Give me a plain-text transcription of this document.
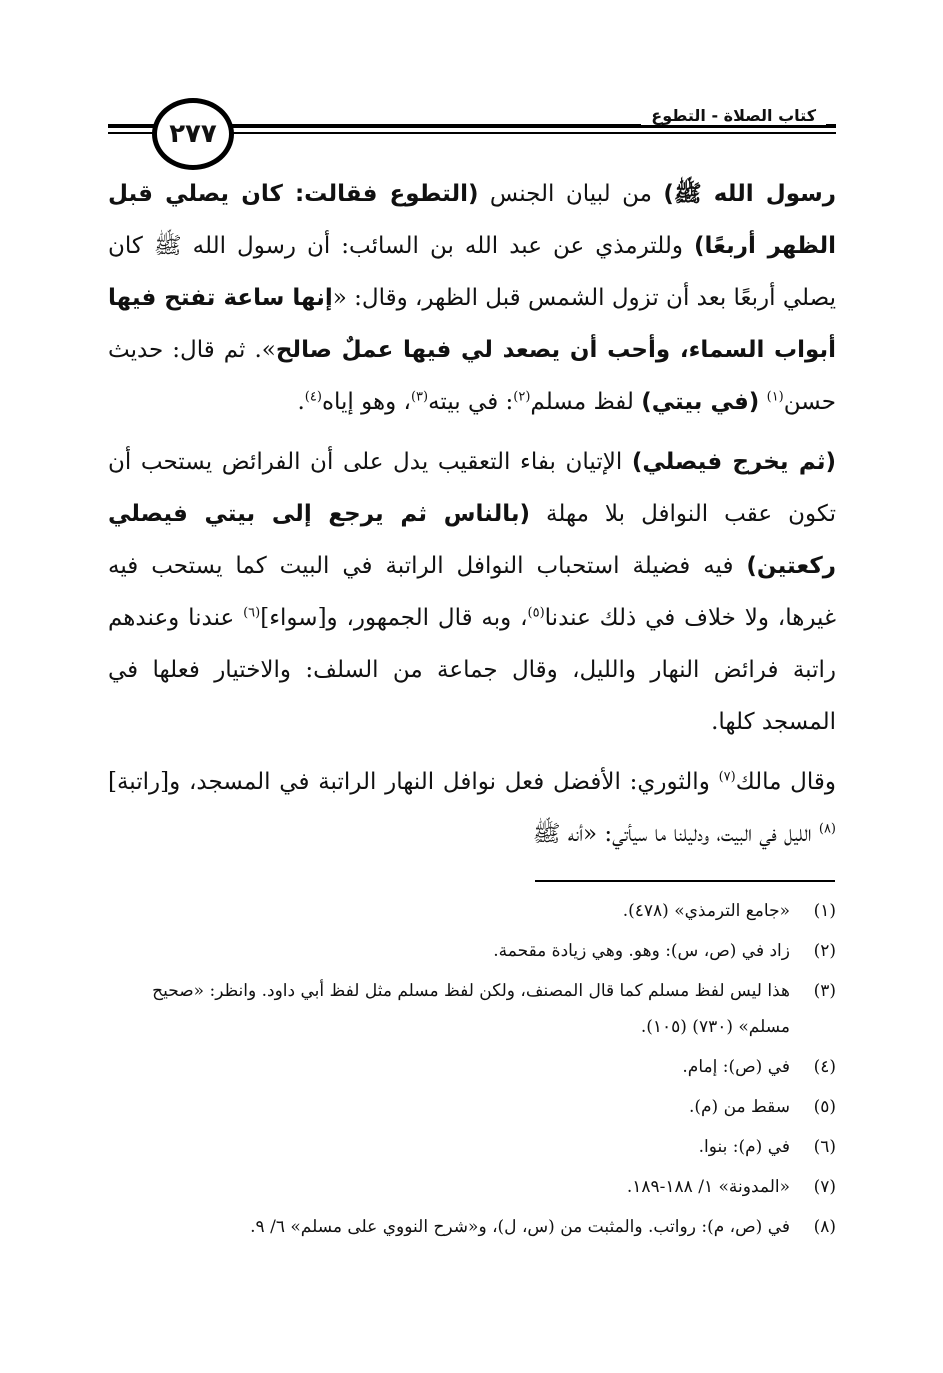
كتاب الصلاة - التطوع
٢٧٧

رسول الله ﷺ) من لبيان الجنس (التطوع فقالت: كان يصلي قبل الظهر أربعًا) وللترمذي عن عبد الله بن السائب: أن رسول الله ﷺ كان يصلي أربعًا بعد أن تزول الشمس قبل الظهر، وقال: «إنها ساعة تفتح فيها أبواب السماء، وأحب أن يصعد لي فيها عملٌ صالح». ثم قال: حديث حسن$^{(١)}$ (في بيتي) لفظ مسلم$^{(٢)}$: في بيته$^{(٣)}$، وهو إياه$^{(٤)}$.

(ثم يخرج فيصلي) الإتيان بفاء التعقيب يدل على أن الفرائض يستحب أن تكون عقب النوافل بلا مهلة (بالناس ثم يرجع إلى بيتي فيصلي ركعتين) فيه فضيلة استحباب النوافل الراتبة في البيت كما يستحب فيه غيرها، ولا خلاف في ذلك عندنا$^{(٥)}$، وبه قال الجمهور، و[سواء]$^{(٦)}$ عندنا وعندهم راتبة فرائض النهار والليل، وقال جماعة من السلف: والاختيار فعلها في المسجد كلها.

وقال مالك$^{(٧)}$ والثوري: الأفضل فعل نوافل النهار الراتبة في المسجد، و[راتبة]$^{(٨)}$ الليل في البيت، ودليلنا ما سيأتي: «أنه ﷺ

(١)
«جامع الترمذي» (٤٧٨).
(٢)
زاد في (ص، س): وهو. وهي زيادة مقحمة.
(٣)
هذا ليس لفظ مسلم كما قال المصنف، ولكن لفظ مسلم مثل لفظ أبي داود. وانظر: «صحيح مسلم» (٧٣٠) (١٠٥).
(٤)
في (ص): إمام.
(٥)
سقط من (م).
(٦)
في (م): بنوا.
(٧)
«المدونة» ١/ ١٨٨-١٨٩.
(٨)
في (ص، م): رواتب. والمثبت من (س، ل)، و«شرح النووي على مسلم» ٦/ ٩.
